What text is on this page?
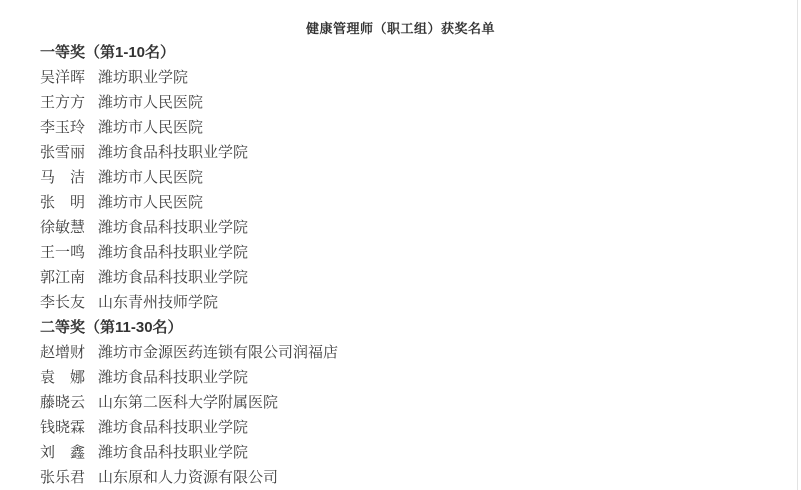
健康管理师（职工组）获奖名单
一等奖（第1-10名）
吴洋晖 潍坊职业学院
王方方 潍坊市人民医院
李玉玲 潍坊市人民医院
张雪丽 潍坊食品科技职业学院
马　洁 潍坊市人民医院
张　明 潍坊市人民医院
徐敏慧 潍坊食品科技职业学院
王一鸣 潍坊食品科技职业学院
郭江南 潍坊食品科技职业学院
李长友 山东青州技师学院
二等奖（第11-30名）
赵增财 潍坊市金源医药连锁有限公司润福店
袁　娜 潍坊食品科技职业学院
藤晓云 山东第二医科大学附属医院
钱晓霖 潍坊食品科技职业学院
刘　鑫 潍坊食品科技职业学院
张乐君 山东原和人力资源有限公司
